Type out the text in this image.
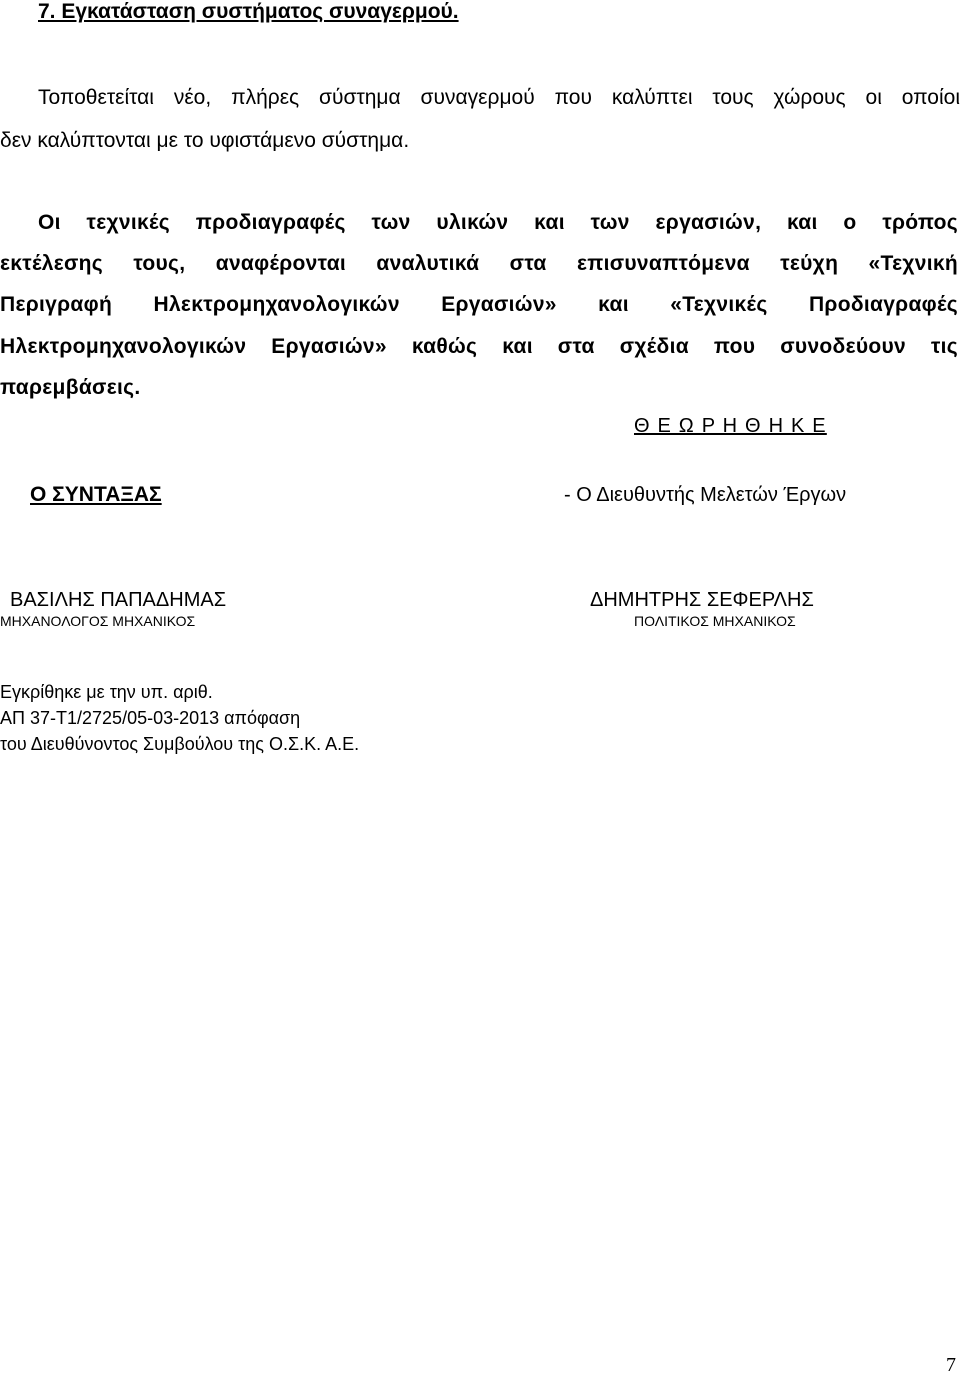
7. Εγκατάσταση συστήματος συναγερμού.
Τοποθετείται νέο, πλήρες σύστημα συναγερμού που καλύπτει τους χώρους οι οποίοι
δεν καλύπτονται με το υφιστάμενο σύστημα.
Οι τεχνικές προδιαγραφές των υλικών και των εργασιών, και ο τρόπος
εκτέλεσης τους, αναφέρονται αναλυτικά στα επισυναπτόμενα τεύχη «Τεχνική
Περιγραφή Ηλεκτρομηχανολογικών Εργασιών» και «Τεχνικές Προδιαγραφές
Ηλεκτρομηχανολογικών Εργασιών» καθώς και στα σχέδια που συνοδεύουν τις
παρεμβάσεις.
Θ Ε Ω Ρ Η Θ Η Κ Ε
Ο ΣΥΝΤΑΞΑΣ	- Ο Διευθυντής Μελετών Έργων
ΒΑΣΙΛΗΣ ΠΑΠΑΔΗΜΑΣ
ΜΗΧΑΝΟΛΟΓΟΣ ΜΗΧΑΝΙΚΟΣ
ΔΗΜΗΤΡΗΣ ΣΕΦΕΡΛΗΣ
ΠΟΛΙΤΙΚΟΣ ΜΗΧΑΝΙΚΟΣ
Εγκρίθηκε με την υπ. αριθ.
ΑΠ 37-Τ1/2725/05-03-2013 απόφαση
του Διευθύνοντος Συμβούλου της Ο.Σ.Κ. Α.Ε.
7
